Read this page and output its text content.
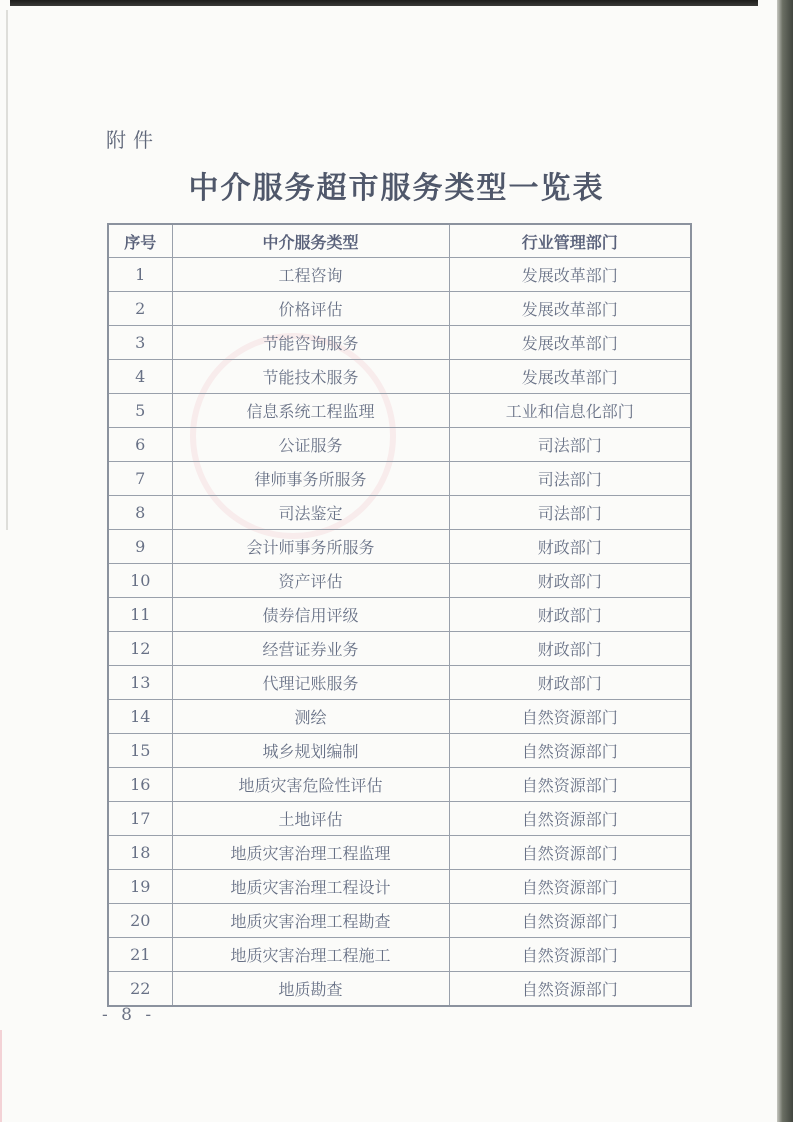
附件
中介服务超市服务类型一览表
序号	中介服务类型	行业管理部门
1	工程咨询	发展改革部门
2	价格评估	发展改革部门
3	节能咨询服务	发展改革部门
4	节能技术服务	发展改革部门
5	信息系统工程监理	工业和信息化部门
6	公证服务	司法部门
7	律师事务所服务	司法部门
8	司法鉴定	司法部门
9	会计师事务所服务	财政部门
10	资产评估	财政部门
11	债券信用评级	财政部门
12	经营证券业务	财政部门
13	代理记账服务	财政部门
14	测绘	自然资源部门
15	城乡规划编制	自然资源部门
16	地质灾害危险性评估	自然资源部门
17	土地评估	自然资源部门
18	地质灾害治理工程监理	自然资源部门
19	地质灾害治理工程设计	自然资源部门
20	地质灾害治理工程勘查	自然资源部门
21	地质灾害治理工程施工	自然资源部门
22	地质勘查	自然资源部门
- 8 -
